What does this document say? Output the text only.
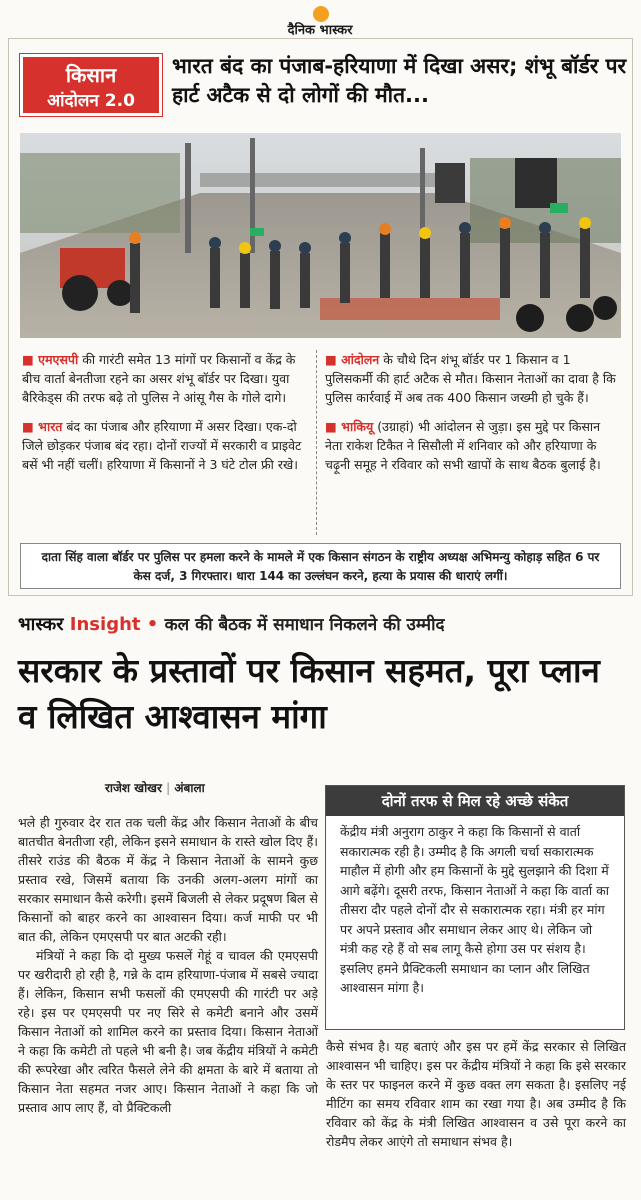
दैनिक भास्कर
किसान
आंदोलन 2.0
भारत बंद का पंजाब-हरियाणा में दिखा असर; शंभू बॉर्डर पर हार्ट अटैक से दो लोगों की मौत...

■ एमएसपी की गारंटी समेत 13 मांगों पर किसानों व केंद्र के बीच वार्ता बेनतीजा रहने का असर शंभू बॉर्डर पर दिखा। युवा बैरिकेड्स की तरफ बढ़े तो पुलिस ने आंसू गैस के गोले दागे।

■ भारत बंद का पंजाब और हरियाणा में असर दिखा। एक-दो जिले छोड़कर पंजाब बंद रहा। दोनों राज्यों में सरकारी व प्राइवेट बसें भी नहीं चलीं। हरियाणा में किसानों ने 3 घंटे टोल फ्री रखे।

■ आंदोलन के चौथे दिन शंभू बॉर्डर पर 1 किसान व 1 पुलिसकर्मी की हार्ट अटैक से मौत। किसान नेताओं का दावा है कि पुलिस कार्रवाई में अब तक 400 किसान जख्मी हो चुके हैं।

■ भाकियू (उग्राहां) भी आंदोलन से जुड़ा। इस मुद्दे पर किसान नेता राकेश टिकैत ने सिसौली में शनिवार को और हरियाणा के चढ़ूनी समूह ने रविवार को सभी खापों के साथ बैठक बुलाई है।

दाता सिंह वाला बॉर्डर पर पुलिस पर हमला करने के मामले में एक किसान संगठन के राष्ट्रीय अध्यक्ष अभिमन्यु कोहाड़ सहित 6 पर केस दर्ज, 3 गिरफ्तार। धारा 144 का उल्लंघन करने, हत्या के प्रयास की धाराएं लगीं।
भास्कर Insight • कल की बैठक में समाधान निकलने की उम्मीद
सरकार के प्रस्तावों पर किसान सहमत, पूरा प्लान व लिखित आश्वासन मांगा
राजेश खोखर | अंबाला

भले ही गुरुवार देर रात तक चली केंद्र और किसान नेताओं के बीच बातचीत बेनतीजा रही, लेकिन इसने समाधान के रास्ते खोल दिए हैं। तीसरे राउंड की बैठक में केंद्र ने किसान नेताओं के सामने कुछ प्रस्ताव रखे, जिसमें बताया कि उनकी अलग-अलग मांगों का सरकार समाधान कैसे करेगी। इसमें बिजली से लेकर प्रदूषण बिल से किसानों को बाहर करने का आश्वासन दिया। कर्ज माफी पर भी बात की, लेकिन एमएसपी पर बात अटकी रही।

मंत्रियों ने कहा कि दो मुख्य फसलें गेहूं व चावल की एमएसपी पर खरीदारी हो रही है, गन्ने के दाम हरियाणा-पंजाब में सबसे ज्यादा हैं। लेकिन, किसान सभी फसलों की एमएसपी की गारंटी पर अड़े रहे। इस पर एमएसपी पर नए सिरे से कमेटी बनाने और उसमें किसान नेताओं को शामिल करने का प्रस्ताव दिया। किसान नेताओं ने कहा कि कमेटी तो पहले भी बनी है। जब केंद्रीय मंत्रियों ने कमेटी की रूपरेखा और त्वरित फैसले लेने की क्षमता के बारे में बताया तो किसान नेता सहमत नजर आए। किसान नेताओं ने कहा कि जो प्रस्ताव आप लाए हैं, वो प्रैक्टिकली

दोनों तरफ से मिल रहे अच्छे संकेत
केंद्रीय मंत्री अनुराग ठाकुर ने कहा कि किसानों से वार्ता सकारात्मक रही है। उम्मीद है कि अगली चर्चा सकारात्मक माहौल में होगी और हम किसानों के मुद्दे सुलझाने की दिशा में आगे बढ़ेंगे। दूसरी तरफ, किसान नेताओं ने कहा कि वार्ता का तीसरा दौर पहले दोनों दौर से सकारात्मक रहा। मंत्री हर मांग पर अपने प्रस्ताव और समाधान लेकर आए थे। लेकिन जो मंत्री कह रहे हैं वो सब लागू कैसे होगा उस पर संशय है। इसलिए हमने प्रैक्टिकली समाधान का प्लान और लिखित आश्वासन मांगा है।
कैसे संभव है। यह बताएं और इस पर हमें केंद्र सरकार से लिखित आश्वासन भी चाहिए। इस पर केंद्रीय मंत्रियों ने कहा कि इसे सरकार के स्तर पर फाइनल करने में कुछ वक्त लग सकता है। इसलिए नई मीटिंग का समय रविवार शाम का रखा गया है। अब उम्मीद है कि रविवार को केंद्र के मंत्री लिखित आश्वासन व उसे पूरा करने का रोडमैप लेकर आएंगे तो समाधान संभव है।
